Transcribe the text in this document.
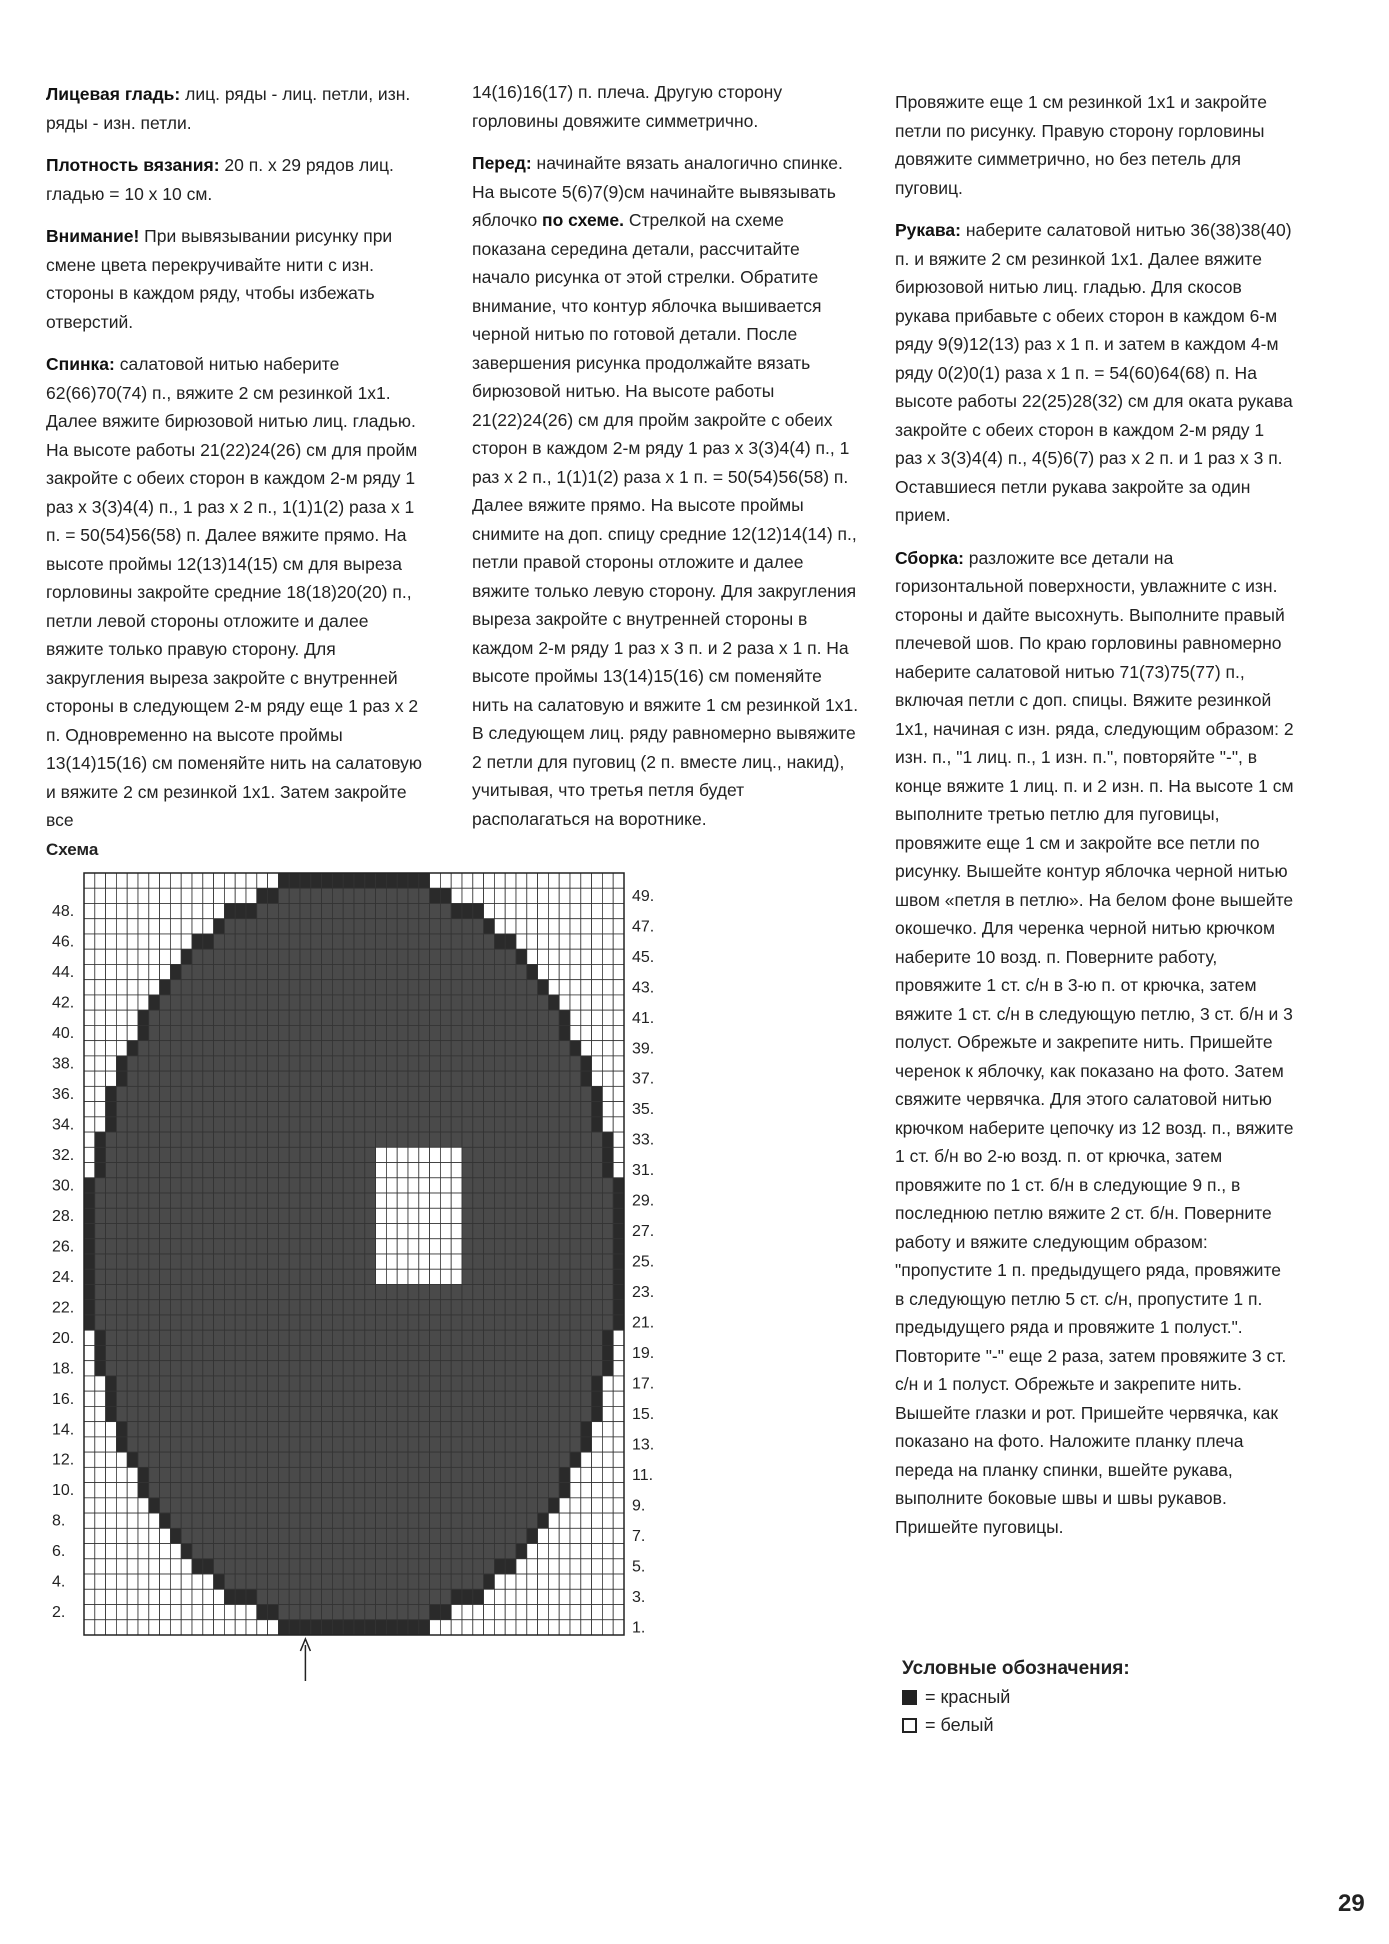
Лицевая гладь: лиц. ряды - лиц. петли, изн. ряды - изн. петли.

Плотность вязания: 20 п. х 29 рядов лиц. гладью = 10 х 10 см.

Внимание! При вывязывании рисунку при смене цвета перекручивайте нити с изн. стороны в каждом ряду, чтобы избежать отверстий.

Спинка: салатовой нитью наберите 62(66)70(74) п., вяжите 2 см резинкой 1х1. Далее вяжите бирюзовой нитью лиц. гладью. На высоте работы 21(22)24(26) см для пройм закройте с обеих сторон в каждом 2-м ряду 1 раз х 3(3)4(4) п., 1 раз х 2 п., 1(1)1(2) раза х 1 п. = 50(54)56(58) п. Далее вяжите прямо. На высоте проймы 12(13)14(15) см для выреза горловины закройте средние 18(18)20(20) п., петли левой стороны отложите и далее вяжите только правую сторону. Для закругления выреза закройте с внутренней стороны в следующем 2-м ряду еще 1 раз х 2 п. Одновременно на высоте проймы 13(14)15(16) см поменяйте нить на салатовую и вяжите 2 см резинкой 1х1. Затем закройте все

14(16)16(17) п. плеча. Другую сторону горловины довяжите симметрично.

Перед: начинайте вязать аналогично спинке. На высоте 5(6)7(9)см начинайте вывязывать яблочко по схеме. Стрелкой на схеме показана середина детали, рассчитайте начало рисунка от этой стрелки. Обратите внимание, что контур яблочка вышивается черной нитью по готовой детали. После завершения рисунка продолжайте вязать бирюзовой нитью. На высоте работы 21(22)24(26) см для пройм закройте с обеих сторон в каждом 2-м ряду 1 раз х 3(3)4(4) п., 1 раз х 2 п., 1(1)1(2) раза х 1 п. = 50(54)56(58) п. Далее вяжите прямо. На высоте проймы снимите на доп. спицу средние 12(12)14(14) п., петли правой стороны отложите и далее вяжите только левую сторону. Для закругления выреза закройте с внутренней стороны в каждом 2-м ряду 1 раз х 3 п. и 2 раза х 1 п. На высоте проймы 13(14)15(16) см поменяйте нить на салатовую и вяжите 1 см резинкой 1х1. В следующем лиц. ряду равномерно вывяжите 2 петли для пуговиц (2 п. вместе лиц., накид), учитывая, что третья петля будет располагаться на воротнике.

Провяжите еще 1 см резинкой 1х1 и закройте петли по рисунку. Правую сторону горловины довяжите симметрично, но без петель для пуговиц.

Рукава: наберите салатовой нитью 36(38)38(40) п. и вяжите 2 см резинкой 1х1. Далее вяжите бирюзовой нитью лиц. гладью. Для скосов рукава прибавьте с обеих сторон в каждом 6-м ряду 9(9)12(13) раз х 1 п. и затем в каждом 4-м ряду 0(2)0(1) раза х 1 п. = 54(60)64(68) п. На высоте работы 22(25)28(32) см для оката рукава закройте с обеих сторон в каждом 2-м ряду 1 раз х 3(3)4(4) п., 4(5)6(7) раз х 2 п. и 1 раз х 3 п. Оставшиеся петли рукава закройте за один прием.

Сборка: разложите все детали на горизонтальной поверхности, увлажните с изн. стороны и дайте высохнуть. Выполните правый плечевой шов. По краю горловины равномерно наберите салатовой нитью 71(73)75(77) п., включая петли с доп. спицы. Вяжите резинкой 1х1, начиная с изн. ряда, следующим образом: 2 изн. п., "1 лиц. п., 1 изн. п.", повторяйте "-", в конце вяжите 1 лиц. п. и 2 изн. п. На высоте 1 см выполните третью петлю для пуговицы, провяжите еще 1 см и закройте все петли по рисунку. Вышейте контур яблочка черной нитью швом «петля в петлю». На белом фоне вышейте окошечко. Для черенка черной нитью крючком наберите 10 возд. п. Поверните работу, провяжите 1 ст. с/н в 3-ю п. от крючка, затем вяжите 1 ст. с/н в следующую петлю, 3 ст. б/н и 3 полуст. Обрежьте и закрепите нить. Пришейте черенок к яблочку, как показано на фото. Затем свяжите червячка. Для этого салатовой нитью крючком наберите цепочку из 12 возд. п., вяжите 1 ст. б/н во 2-ю возд. п. от крючка, затем провяжите по 1 ст. б/н в следующие 9 п., в последнюю петлю вяжите 2 ст. б/н. Поверните работу и вяжите следующим образом: "пропустите 1 п. предыдущего ряда, провяжите в следующую петлю 5 ст. с/н, пропустите 1 п. предыдущего ряда и провяжите 1 полуст.". Повторите "-" еще 2 раза, затем провяжите 3 ст. с/н и 1 полуст. Обрежьте и закрепите нить. Вышейте глазки и рот. Пришейте червячка, как показано на фото. Наложите планку плеча переда на планку спинки, вшейте рукава, выполните боковые швы и швы рукавов. Пришейте пуговицы.

Схема
2.
4.
6.
8.
10.
12.
14.
16.
18.
20.
22.
24.
26.
28.
30.
32.
34.
36.
38.
40.
42.
44.
46.
48.
1.
3.
5.
7.
9.
11.
13.
15.
17.
19.
21.
23.
25.
27.
29.
31.
33.
35.
37.
39.
41.
43.
45.
47.
49.
Условные обозначения:
= красный
= белый
29
